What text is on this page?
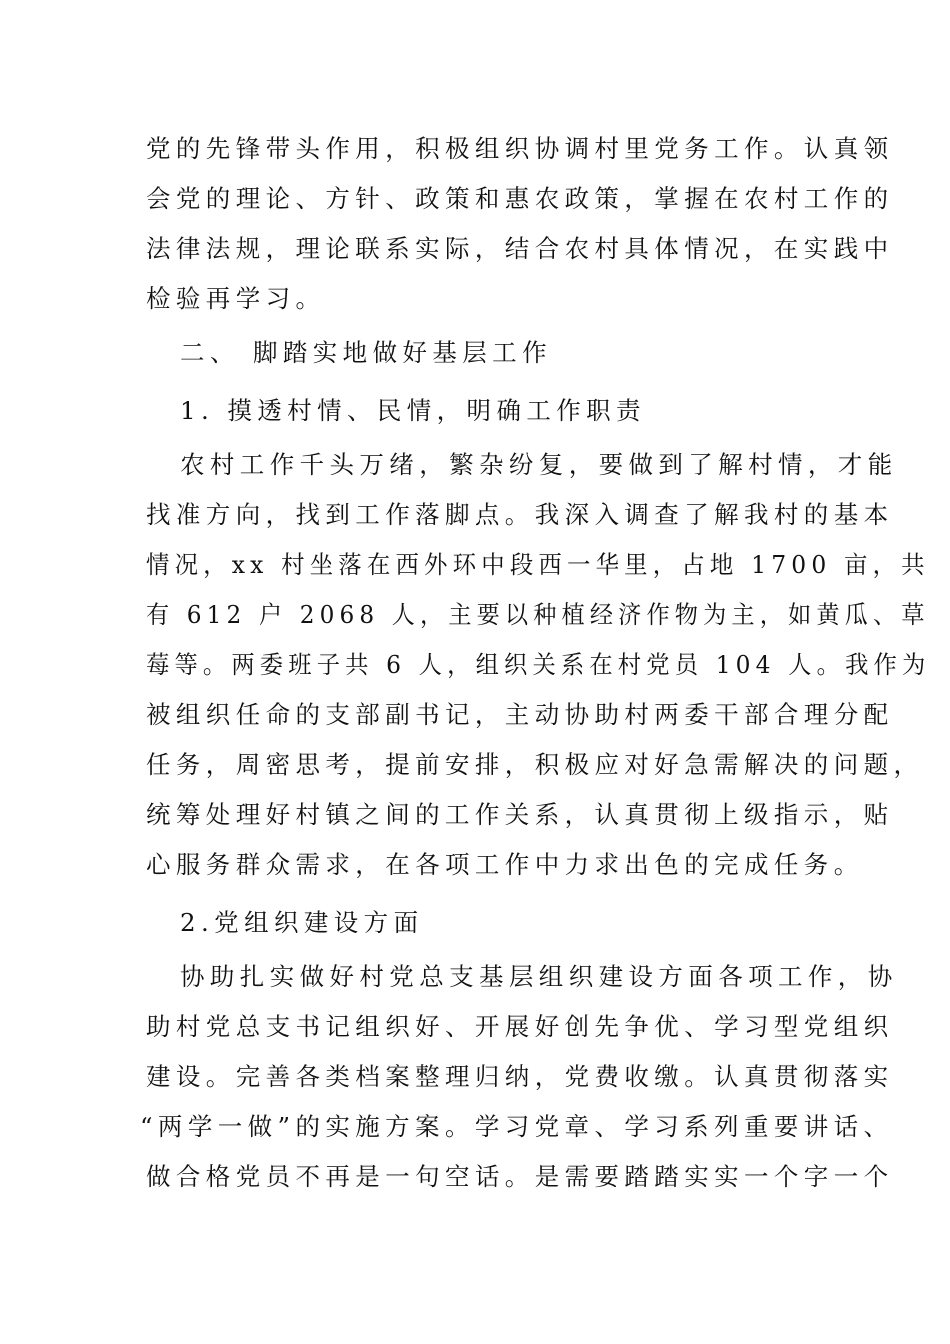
党的先锋带头作用，积极组织协调村里党务工作。认真领
会党的理论、方针、政策和惠农政策，掌握在农村工作的
法律法规，理论联系实际，结合农村具体情况，在实践中
检验再学习。
二、 脚踏实地做好基层工作
1. 摸透村情、民情，明确工作职责
农村工作千头万绪，繁杂纷复，要做到了解村情，才能
找准方向，找到工作落脚点。我深入调查了解我村的基本
情况，xx 村坐落在西外环中段西一华里，占地 1700 亩，共
有 612 户 2068 人，主要以种植经济作物为主，如黄瓜、草
莓等。两委班子共 6 人，组织关系在村党员 104 人。我作为
被组织任命的支部副书记，主动协助村两委干部合理分配
任务，周密思考，提前安排，积极应对好急需解决的问题，
统筹处理好村镇之间的工作关系，认真贯彻上级指示，贴
心服务群众需求，在各项工作中力求出色的完成任务。
2.党组织建设方面
协助扎实做好村党总支基层组织建设方面各项工作，协
助村党总支书记组织好、开展好创先争优、学习型党组织
建设。完善各类档案整理归纳，党费收缴。认真贯彻落实
“两学一做”的实施方案。学习党章、学习系列重要讲话、
做合格党员不再是一句空话。是需要踏踏实实一个字一个
